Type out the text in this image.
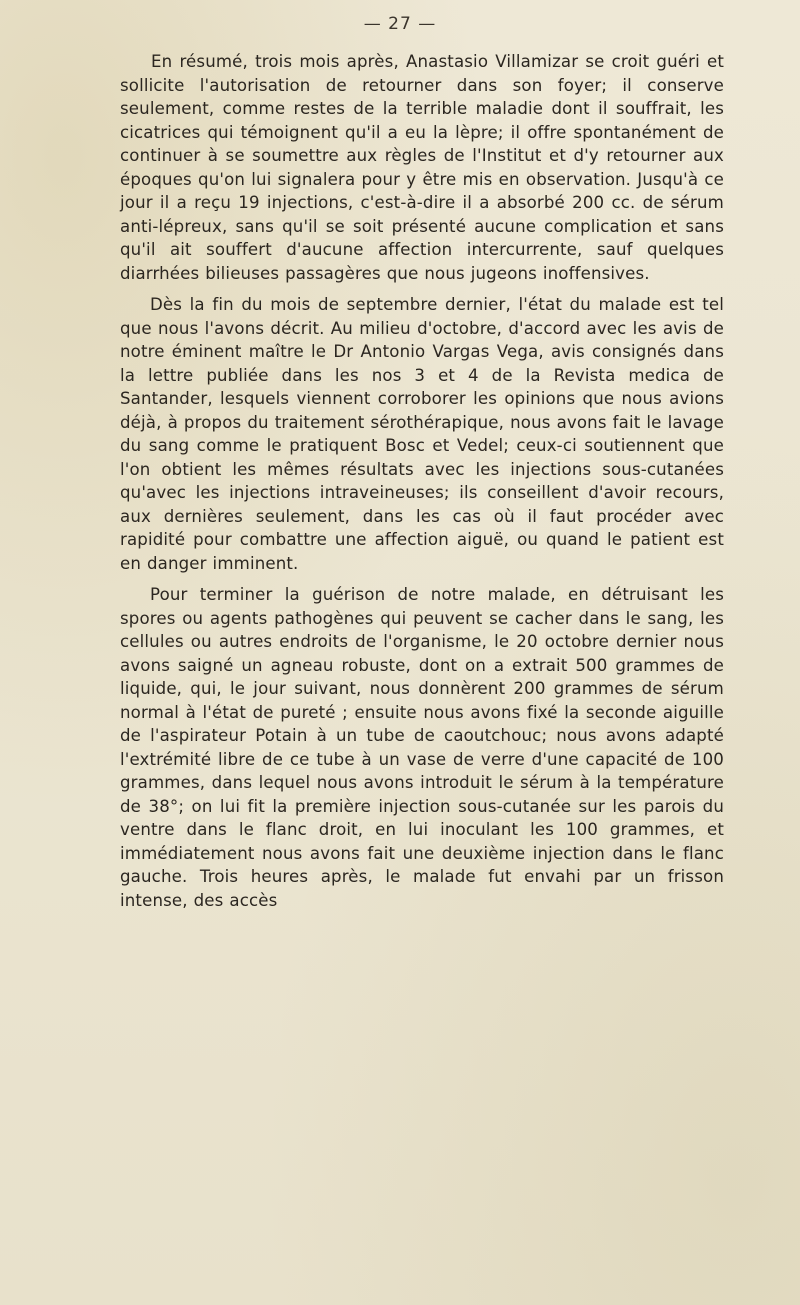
— 27 —

En résumé, trois mois après, Anastasio Villamizar se croit guéri et sollicite l'autorisation de retourner dans son foyer; il conserve seulement, comme restes de la terrible maladie dont il souffrait, les cicatrices qui témoignent qu'il a eu la lèpre; il offre spontanément de continuer à se soumettre aux règles de l'Institut et d'y retourner aux époques qu'on lui signalera pour y être mis en observation. Jusqu'à ce jour il a reçu 19 injections, c'est-à-dire il a absorbé 200 cc. de sérum anti-lépreux, sans qu'il se soit présenté aucune complication et sans qu'il ait souffert d'aucune affection intercurrente, sauf quelques diarrhées bilieuses passagères que nous jugeons inoffensives.

Dès la fin du mois de septembre dernier, l'état du malade est tel que nous l'avons décrit. Au milieu d'octobre, d'accord avec les avis de notre éminent maître le Dr Antonio Vargas Vega, avis consignés dans la lettre publiée dans les nos 3 et 4 de la Revista medica de Santander, lesquels viennent corroborer les opinions que nous avions déjà, à propos du traitement sérothérapique, nous avons fait le lavage du sang comme le pratiquent Bosc et Vedel; ceux-ci soutiennent que l'on obtient les mêmes résultats avec les injections sous-cutanées qu'avec les injections intraveineuses; ils conseillent d'avoir recours, aux dernières seulement, dans les cas où il faut procéder avec rapidité pour combattre une affection aiguë, ou quand le patient est en danger imminent.

Pour terminer la guérison de notre malade, en détruisant les spores ou agents pathogènes qui peuvent se cacher dans le sang, les cellules ou autres endroits de l'organisme, le 20 octobre dernier nous avons saigné un agneau robuste, dont on a extrait 500 grammes de liquide, qui, le jour suivant, nous donnèrent 200 grammes de sérum normal à l'état de pureté ; ensuite nous avons fixé la seconde aiguille de l'aspirateur Potain à un tube de caoutchouc; nous avons adapté l'extrémité libre de ce tube à un vase de verre d'une capacité de 100 grammes, dans lequel nous avons introduit le sérum à la température de 38°; on lui fit la première injection sous-cutanée sur les parois du ventre dans le flanc droit, en lui inoculant les 100 grammes, et immédiatement nous avons fait une deuxième injection dans le flanc gauche. Trois heures après, le malade fut envahi par un frisson intense, des accès
